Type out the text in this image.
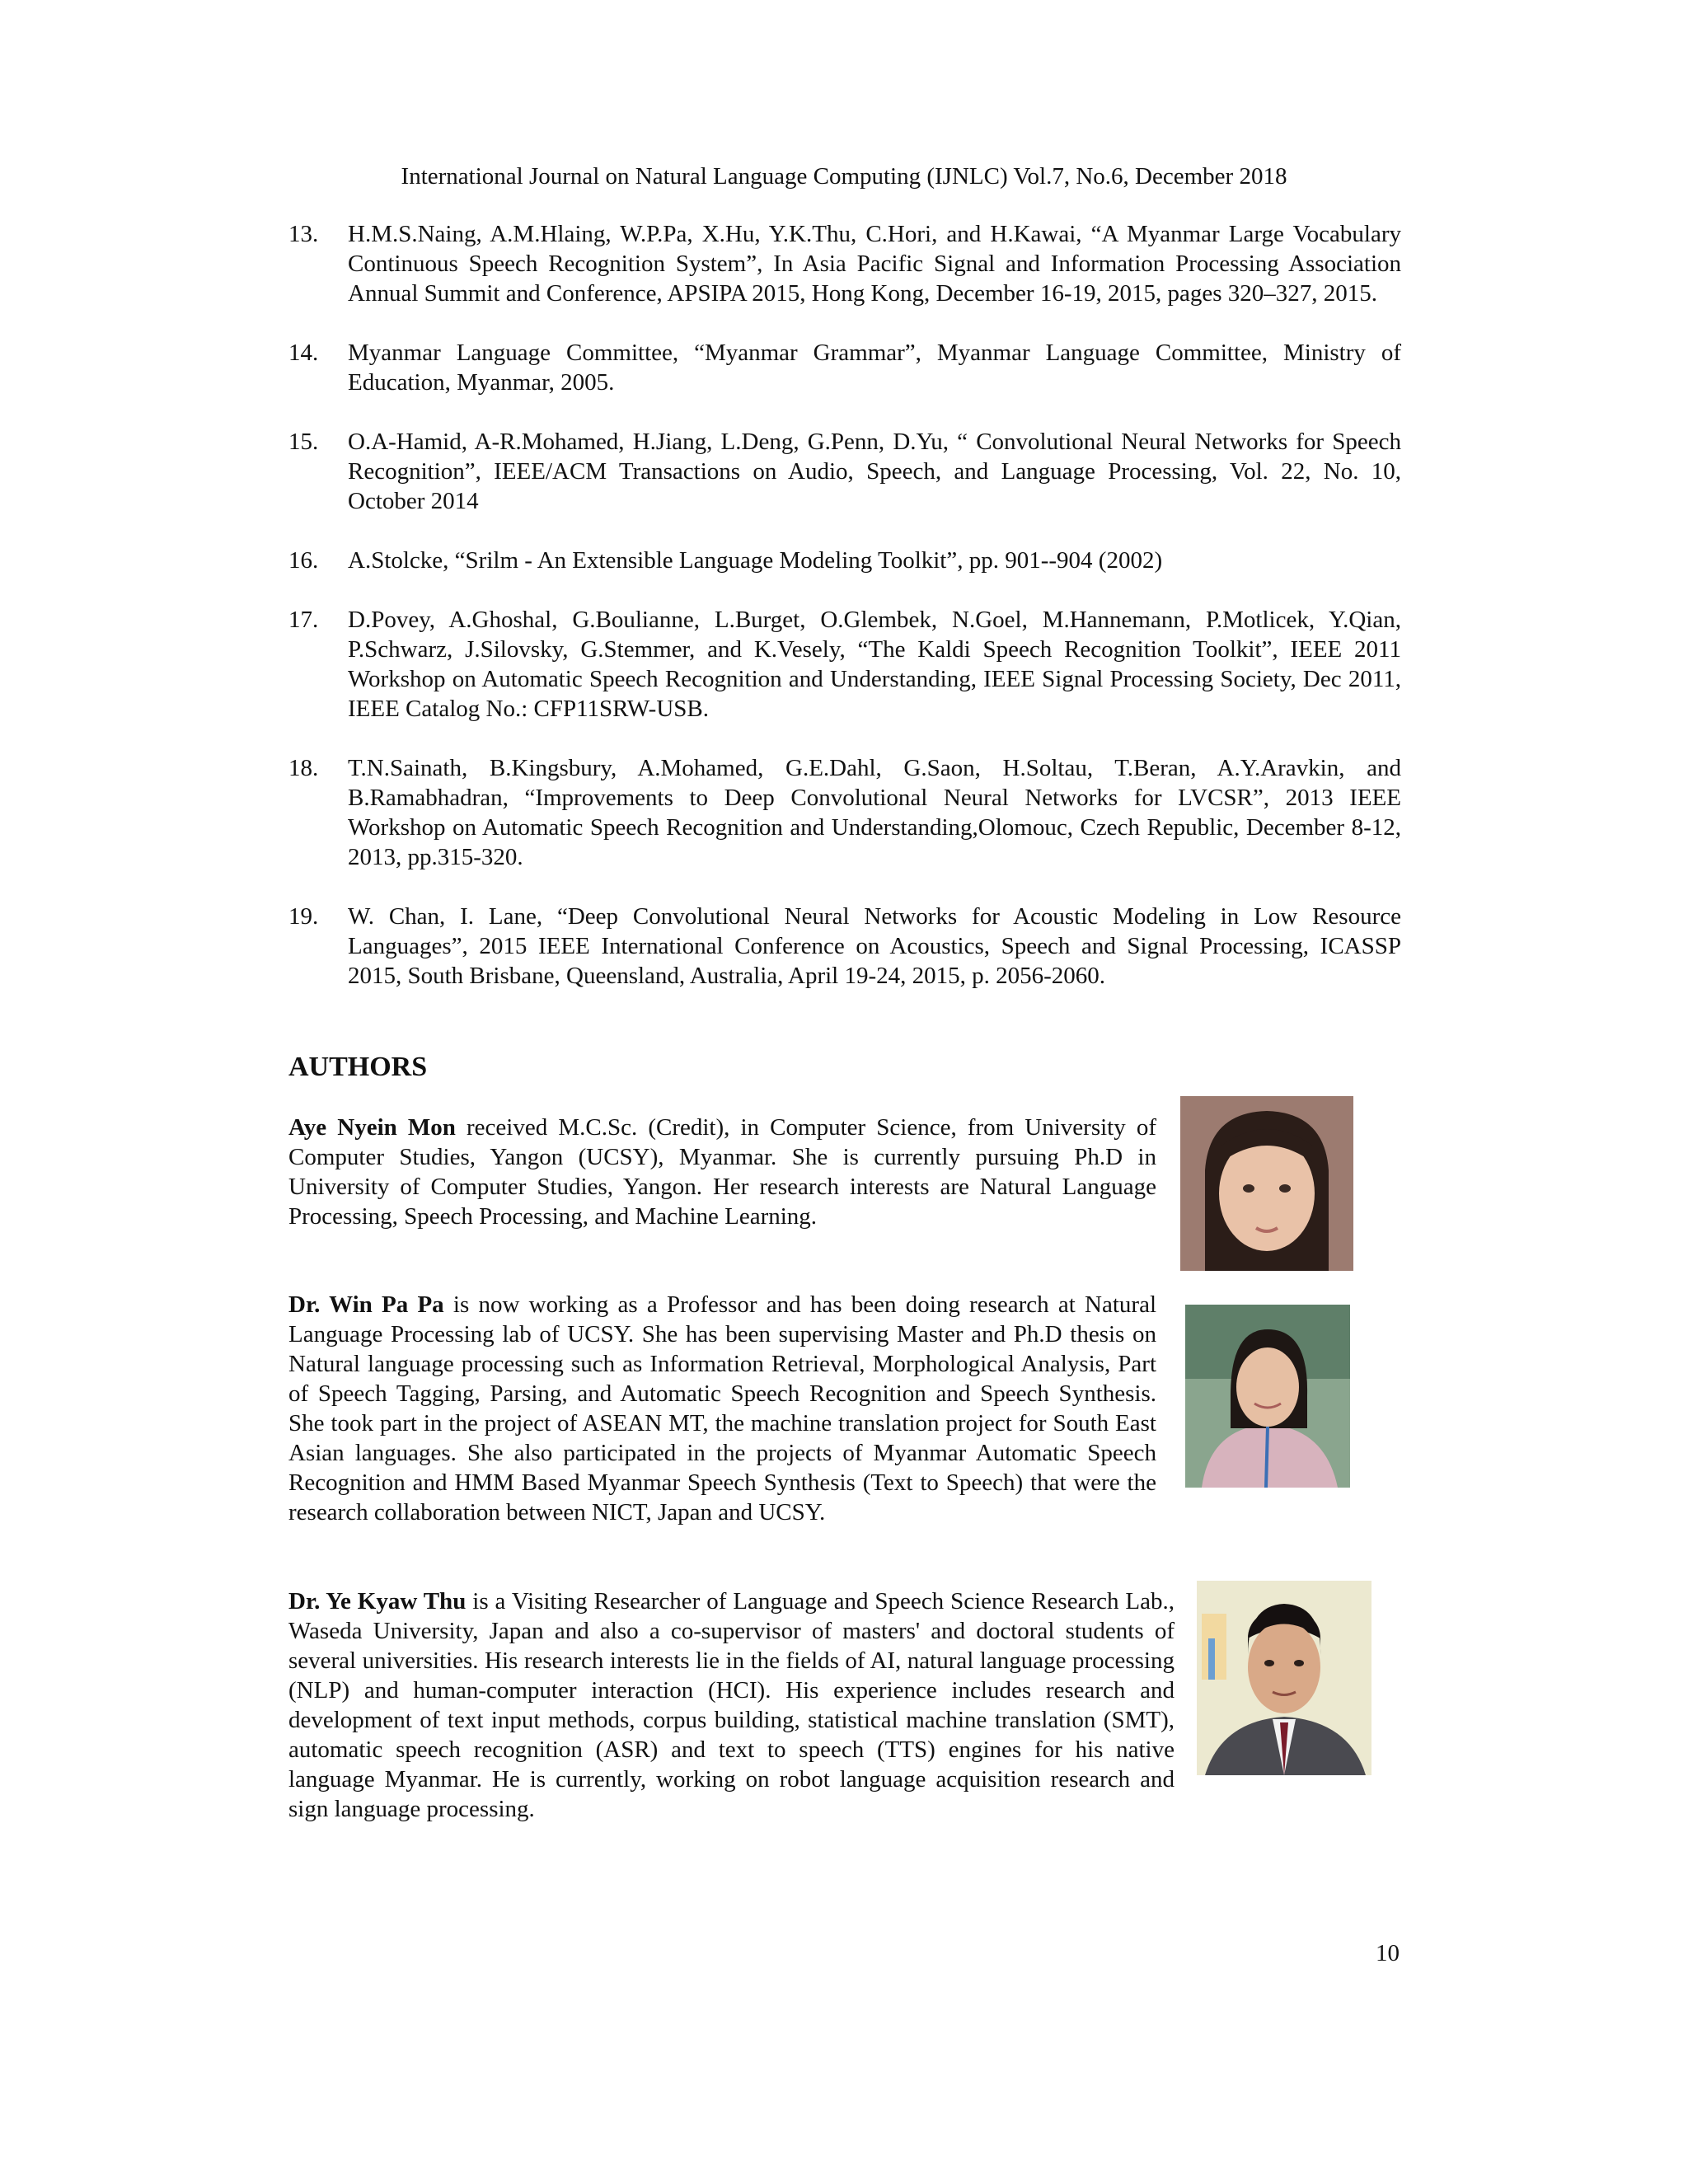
International Journal on Natural Language Computing (IJNLC) Vol.7, No.6, December 2018
13. H.M.S.Naing, A.M.Hlaing, W.P.Pa, X.Hu, Y.K.Thu, C.Hori, and H.Kawai, “A Myanmar Large Vocabulary Continuous Speech Recognition System”, In Asia Pacific Signal and Information Processing Association Annual Summit and Conference, APSIPA 2015, Hong Kong, December 16-19, 2015, pages 320–327, 2015.
14. Myanmar Language Committee, “Myanmar Grammar”, Myanmar Language Committee, Ministry of Education, Myanmar, 2005.
15. O.A-Hamid, A-R.Mohamed, H.Jiang, L.Deng, G.Penn, D.Yu, “ Convolutional Neural Networks for Speech Recognition”, IEEE/ACM Transactions on Audio, Speech, and Language Processing, Vol. 22, No. 10, October 2014
16. A.Stolcke, “Srilm - An Extensible Language Modeling Toolkit”, pp. 901--904 (2002)
17. D.Povey, A.Ghoshal, G.Boulianne, L.Burget, O.Glembek, N.Goel, M.Hannemann, P.Motlicek, Y.Qian, P.Schwarz, J.Silovsky, G.Stemmer, and K.Vesely, “The Kaldi Speech Recognition Toolkit”, IEEE 2011 Workshop on Automatic Speech Recognition and Understanding, IEEE Signal Processing Society, Dec 2011, IEEE Catalog No.: CFP11SRW-USB.
18. T.N.Sainath, B.Kingsbury, A.Mohamed, G.E.Dahl, G.Saon, H.Soltau, T.Beran, A.Y.Aravkin, and B.Ramabhadran, “Improvements to Deep Convolutional Neural Networks for LVCSR”, 2013 IEEE Workshop on Automatic Speech Recognition and Understanding,Olomouc, Czech Republic, December 8-12, 2013, pp.315-320.
19. W. Chan, I. Lane, “Deep Convolutional Neural Networks for Acoustic Modeling in Low Resource Languages”, 2015 IEEE International Conference on Acoustics, Speech and Signal Processing, ICASSP 2015, South Brisbane, Queensland, Australia, April 19-24, 2015, p. 2056-2060.
AUTHORS

Aye Nyein Mon received M.C.Sc. (Credit), in Computer Science, from University of Computer Studies, Yangon (UCSY), Myanmar. She is currently pursuing Ph.D in University of Computer Studies, Yangon. Her research interests are Natural Language Processing, Speech Processing, and Machine Learning.

Dr. Win Pa Pa is now working as a Professor and has been doing research at Natural Language Processing lab of UCSY. She has been supervising Master and Ph.D thesis on Natural language processing such as Information Retrieval, Morphological Analysis, Part of Speech Tagging, Parsing, and Automatic Speech Recognition and Speech Synthesis. She took part in the project of ASEAN MT, the machine translation project for South East Asian languages. She also participated in the projects of Myanmar Automatic Speech Recognition and HMM Based Myanmar Speech Synthesis (Text to Speech) that were the research collaboration between NICT, Japan and UCSY.

Dr. Ye Kyaw Thu is a Visiting Researcher of Language and Speech Science Research Lab., Waseda University, Japan and also a co-supervisor of masters' and doctoral students of several universities. His research interests lie in the fields of AI, natural language processing (NLP) and human-computer interaction (HCI). His experience includes research and development of text input methods, corpus building, statistical machine translation (SMT), automatic speech recognition (ASR) and text to speech (TTS) engines for his native language Myanmar. He is currently, working on robot language acquisition research and sign language processing.

10
